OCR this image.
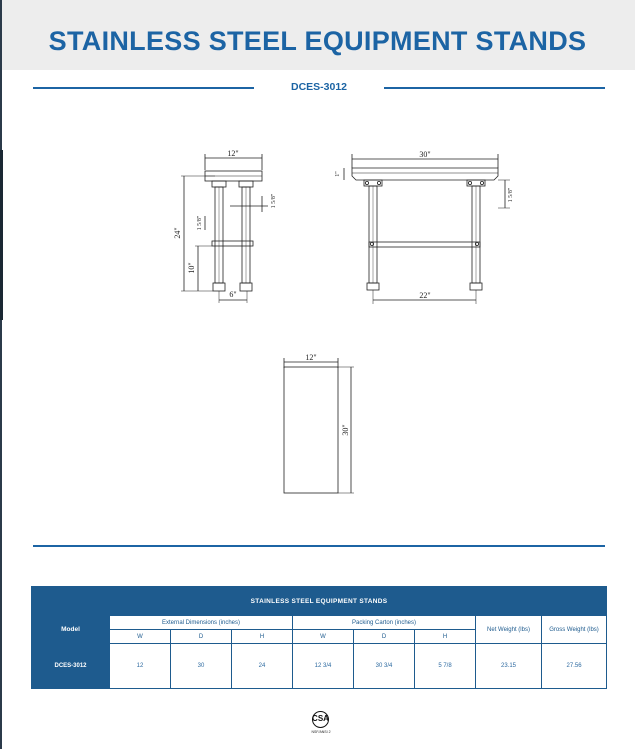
STAINLESS STEEL EQUIPMENT STANDS
DCES-3012
12"
24"
10"
1 5/8"
1 5/8"
6"
30"
1"
1 5/8"
22"
12"
30"
STAINLESS STEEL EQUIPMENT STANDS								
Model	External Dimensions (inches)			Packing Carton (inches)			Net Weight (lbs)	Gross Weight (lbs)
	W	D	H	W	D	H		
DCES-3012	12	30	24	12 3/4	30 3/4	5 7/8	23.15	27.56
CSA
NSF/ANSI 2
